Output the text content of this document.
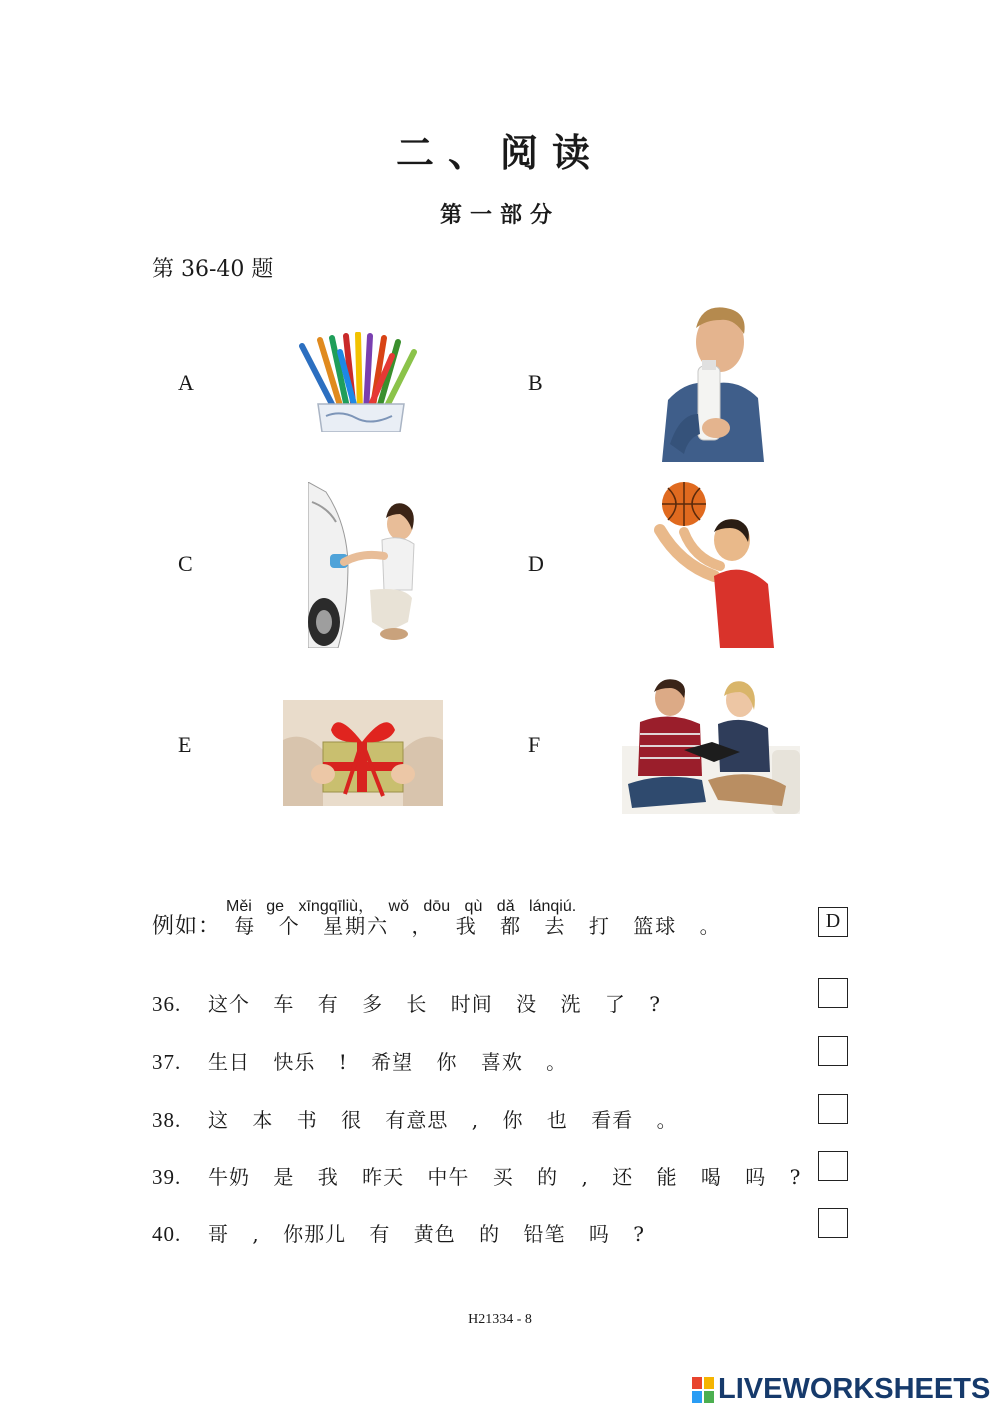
二、阅读
第一部分
第 36-40 题
A	B
C	D
E	F
Měi ge xīngqīliù， wǒ dōu qù dǎ lánqiú.
例如： 每 个 星期六 ， 我 都 去 打 篮球 。	D
36. 这个 车 有 多 长 时间 没 洗 了 ?
37. 生日 快乐 ! 希望 你 喜欢 。
38. 这 本 书 很 有意思 , 你 也 看看 。
39. 牛奶 是 我 昨天 中午 买 的 , 还 能 喝 吗 ?
40. 哥 , 你那儿 有 黄色 的 铅笔 吗 ?
H21334 - 8
LIVEWORKSHEETS
